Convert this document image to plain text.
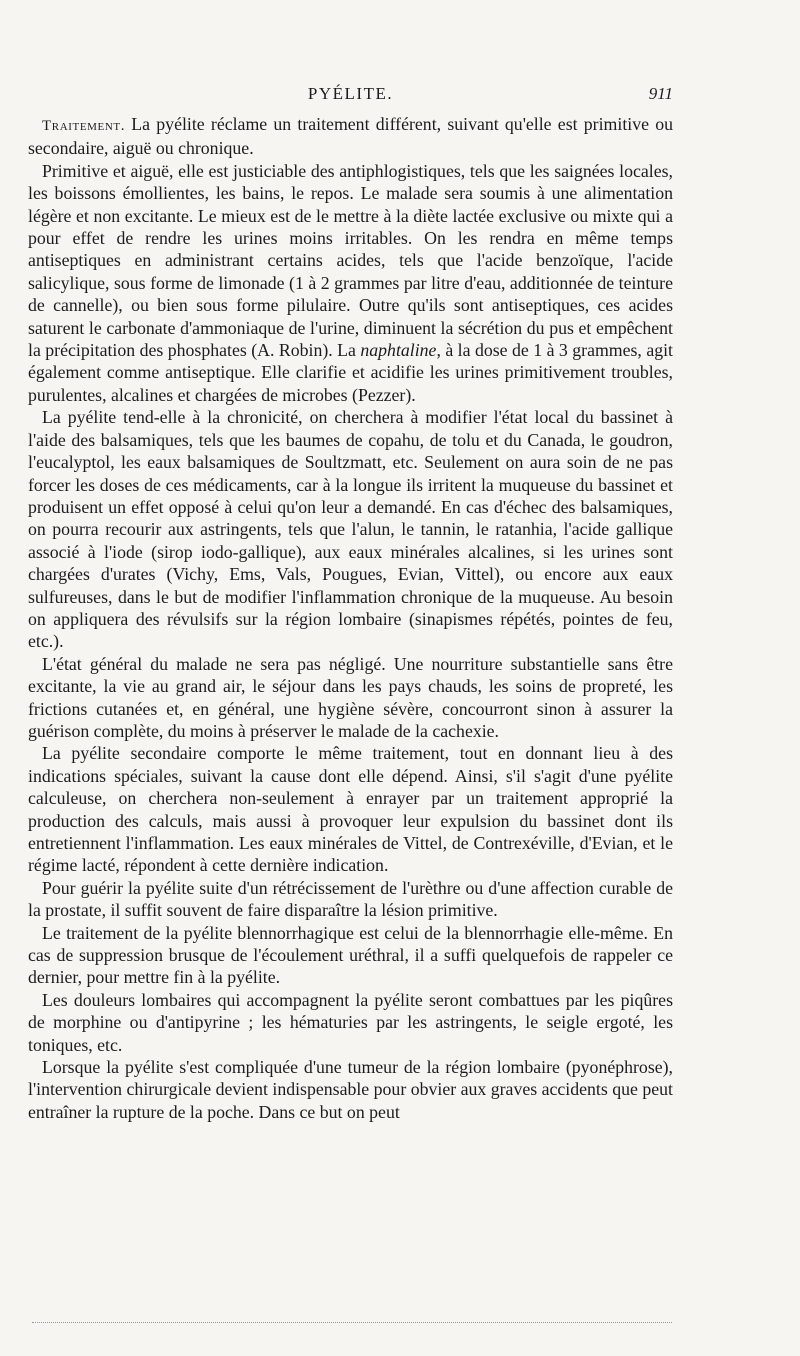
PYÉLITE.	911

Traitement. La pyélite réclame un traitement différent, suivant qu'elle est primitive ou secondaire, aiguë ou chronique.

Primitive et aiguë, elle est justiciable des antiphlogistiques, tels que les saignées locales, les boissons émollientes, les bains, le repos. Le malade sera soumis à une alimentation légère et non excitante. Le mieux est de le mettre à la diète lactée exclusive ou mixte qui a pour effet de rendre les urines moins irritables. On les rendra en même temps antiseptiques en administrant certains acides, tels que l'acide benzoïque, l'acide salicylique, sous forme de limonade (1 à 2 grammes par litre d'eau, additionnée de teinture de cannelle), ou bien sous forme pilulaire. Outre qu'ils sont antiseptiques, ces acides saturent le carbonate d'ammoniaque de l'urine, diminuent la sécrétion du pus et empêchent la précipitation des phosphates (A. Robin). La naphtaline, à la dose de 1 à 3 grammes, agit également comme antiseptique. Elle clarifie et acidifie les urines primitivement troubles, purulentes, alcalines et chargées de microbes (Pezzer).

La pyélite tend-elle à la chronicité, on cherchera à modifier l'état local du bassinet à l'aide des balsamiques, tels que les baumes de copahu, de tolu et du Canada, le goudron, l'eucalyptol, les eaux balsamiques de Soultzmatt, etc. Seulement on aura soin de ne pas forcer les doses de ces médicaments, car à la longue ils irritent la muqueuse du bassinet et produisent un effet opposé à celui qu'on leur a demandé. En cas d'échec des balsamiques, on pourra recourir aux astringents, tels que l'alun, le tannin, le ratanhia, l'acide gallique associé à l'iode (sirop iodo-gallique), aux eaux minérales alcalines, si les urines sont chargées d'urates (Vichy, Ems, Vals, Pougues, Evian, Vittel), ou encore aux eaux sulfureuses, dans le but de modifier l'inflammation chronique de la muqueuse. Au besoin on appliquera des révulsifs sur la région lombaire (sinapismes répétés, pointes de feu, etc.).

L'état général du malade ne sera pas négligé. Une nourriture substantielle sans être excitante, la vie au grand air, le séjour dans les pays chauds, les soins de propreté, les frictions cutanées et, en général, une hygiène sévère, concourront sinon à assurer la guérison complète, du moins à préserver le malade de la cachexie.

La pyélite secondaire comporte le même traitement, tout en donnant lieu à des indications spéciales, suivant la cause dont elle dépend. Ainsi, s'il s'agit d'une pyélite calculeuse, on cherchera non-seulement à enrayer par un traitement approprié la production des calculs, mais aussi à provoquer leur expulsion du bassinet dont ils entretiennent l'inflammation. Les eaux minérales de Vittel, de Contrexéville, d'Evian, et le régime lacté, répondent à cette dernière indication.

Pour guérir la pyélite suite d'un rétrécissement de l'urèthre ou d'une affection curable de la prostate, il suffit souvent de faire disparaître la lésion primitive.

Le traitement de la pyélite blennorrhagique est celui de la blennorrhagie elle-même. En cas de suppression brusque de l'écoulement uréthral, il a suffi quelquefois de rappeler ce dernier, pour mettre fin à la pyélite.

Les douleurs lombaires qui accompagnent la pyélite seront combattues par les piqûres de morphine ou d'antipyrine ; les hématuries par les astringents, le seigle ergoté, les toniques, etc.

Lorsque la pyélite s'est compliquée d'une tumeur de la région lombaire (pyonéphrose), l'intervention chirurgicale devient indispensable pour obvier aux graves accidents que peut entraîner la rupture de la poche. Dans ce but on peut
